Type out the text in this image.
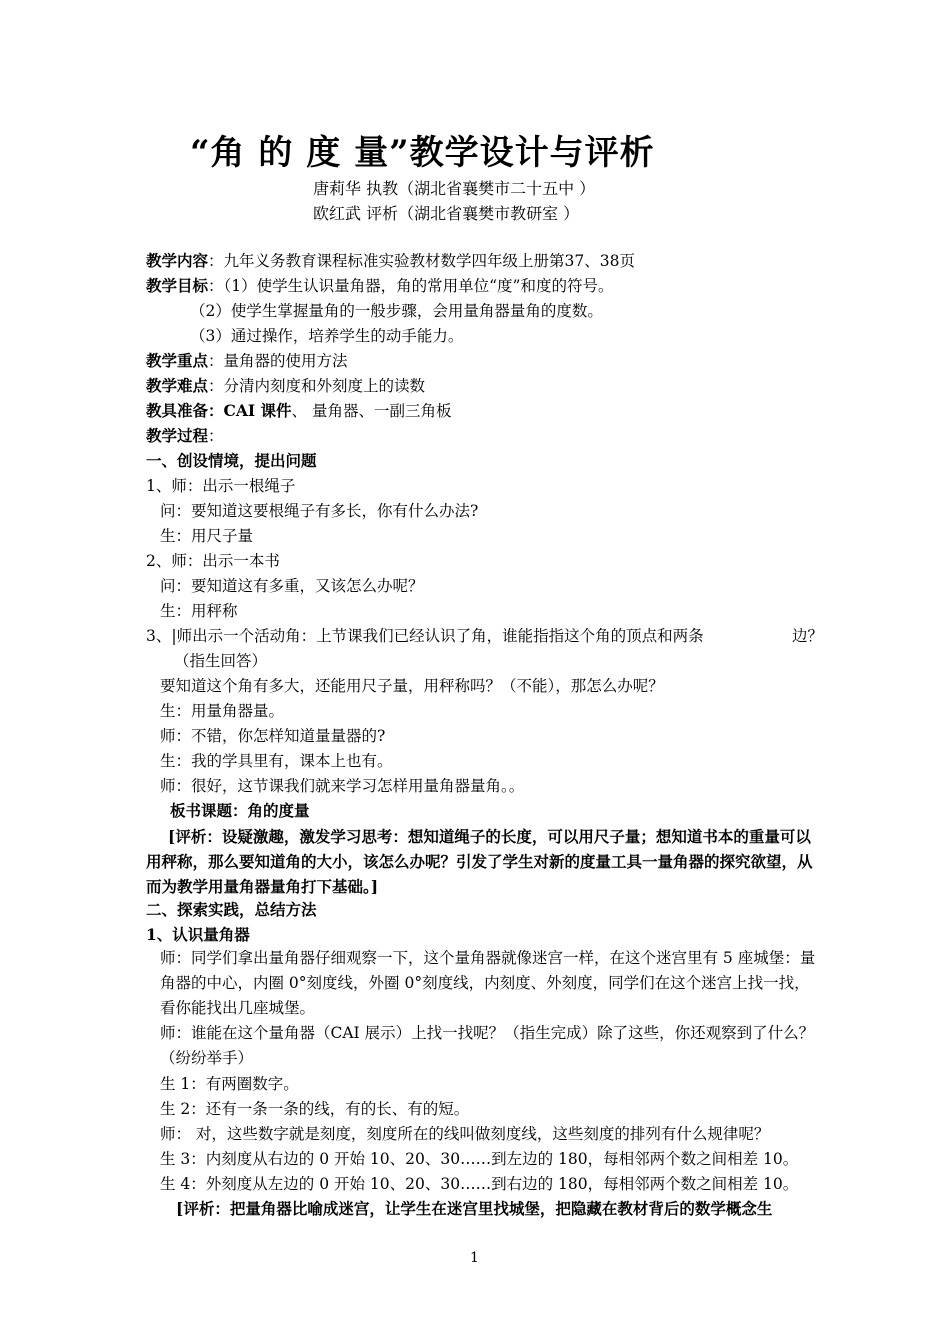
“角 的 度 量”教学设计与评析
唐莉华 执教（湖北省襄樊市二十五中 ）
欧红武 评析（湖北省襄樊市教研室 ）
教学内容：九年义务教育课程标准实验教材数学四年级上册第37、38页
教学目标：（1）使学生认识量角器，角的常用单位“度”和度的符号。
（2）使学生掌握量角的一般步骤，会用量角器量角的度数。
（3）通过操作，培养学生的动手能力。
教学重点：量角器的使用方法
教学难点：分清内刻度和外刻度上的读数
教具准备：CAI 课件、 量角器、一副三角板
教学过程：
一、创设情境，提出问题
1、师：出示一根绳子
问：要知道这要根绳子有多长，你有什么办法?
生：用尺子量
2、师：出示一本书
问：要知道这有多重，又该怎么办呢？
生：用秤称
3、|师出示一个活动角：上节课我们已经认识了角，谁能指指这个角的顶点和两条	边？
（指生回答）
要知道这个角有多大，还能用尺子量，用秤称吗？（不能），那怎么办呢？
生：用量角器量。
师：不错，你怎样知道量量器的?
生：我的学具里有，课本上也有。
师：很好，这节课我们就来学习怎样用量角器量角。。
板书课题：角的度量
[评析：设疑激趣，激发学习思考：想知道绳子的长度，可以用尺子量；想知道书本的重量可以用秤称，那么要知道角的大小，该怎么办呢？引发了学生对新的度量工具一量角器的探究欲望，从而为教学用量角器量角打下基础。]
二、探索实践，总结方法
1、认识量角器
师：同学们拿出量角器仔细观察一下，这个量角器就像迷宫一样，在这个迷宫里有 5 座城堡：量角器的中心，内圈 0°刻度线，外圈 0°刻度线，内刻度、外刻度，同学们在这个迷宫上找一找，看你能找出几座城堡。
师：谁能在这个量角器（CAI 展示）上找一找呢？（指生完成）除了这些，你还观察到了什么？（纷纷举手）
生 1：有两圈数字。
生 2：还有一条一条的线，有的长、有的短。
师： 对，这些数字就是刻度，刻度所在的线叫做刻度线，这些刻度的排列有什么规律呢？
生 3：内刻度从右边的 0 开始 10、20、30……到左边的 180，每相邻两个数之间相差 10。
生 4：外刻度从左边的 0 开始 10、20、30……到右边的 180，每相邻两个数之间相差 10。
[评析：把量角器比喻成迷宫，让学生在迷宫里找城堡，把隐藏在教材背后的数学概念生
1
